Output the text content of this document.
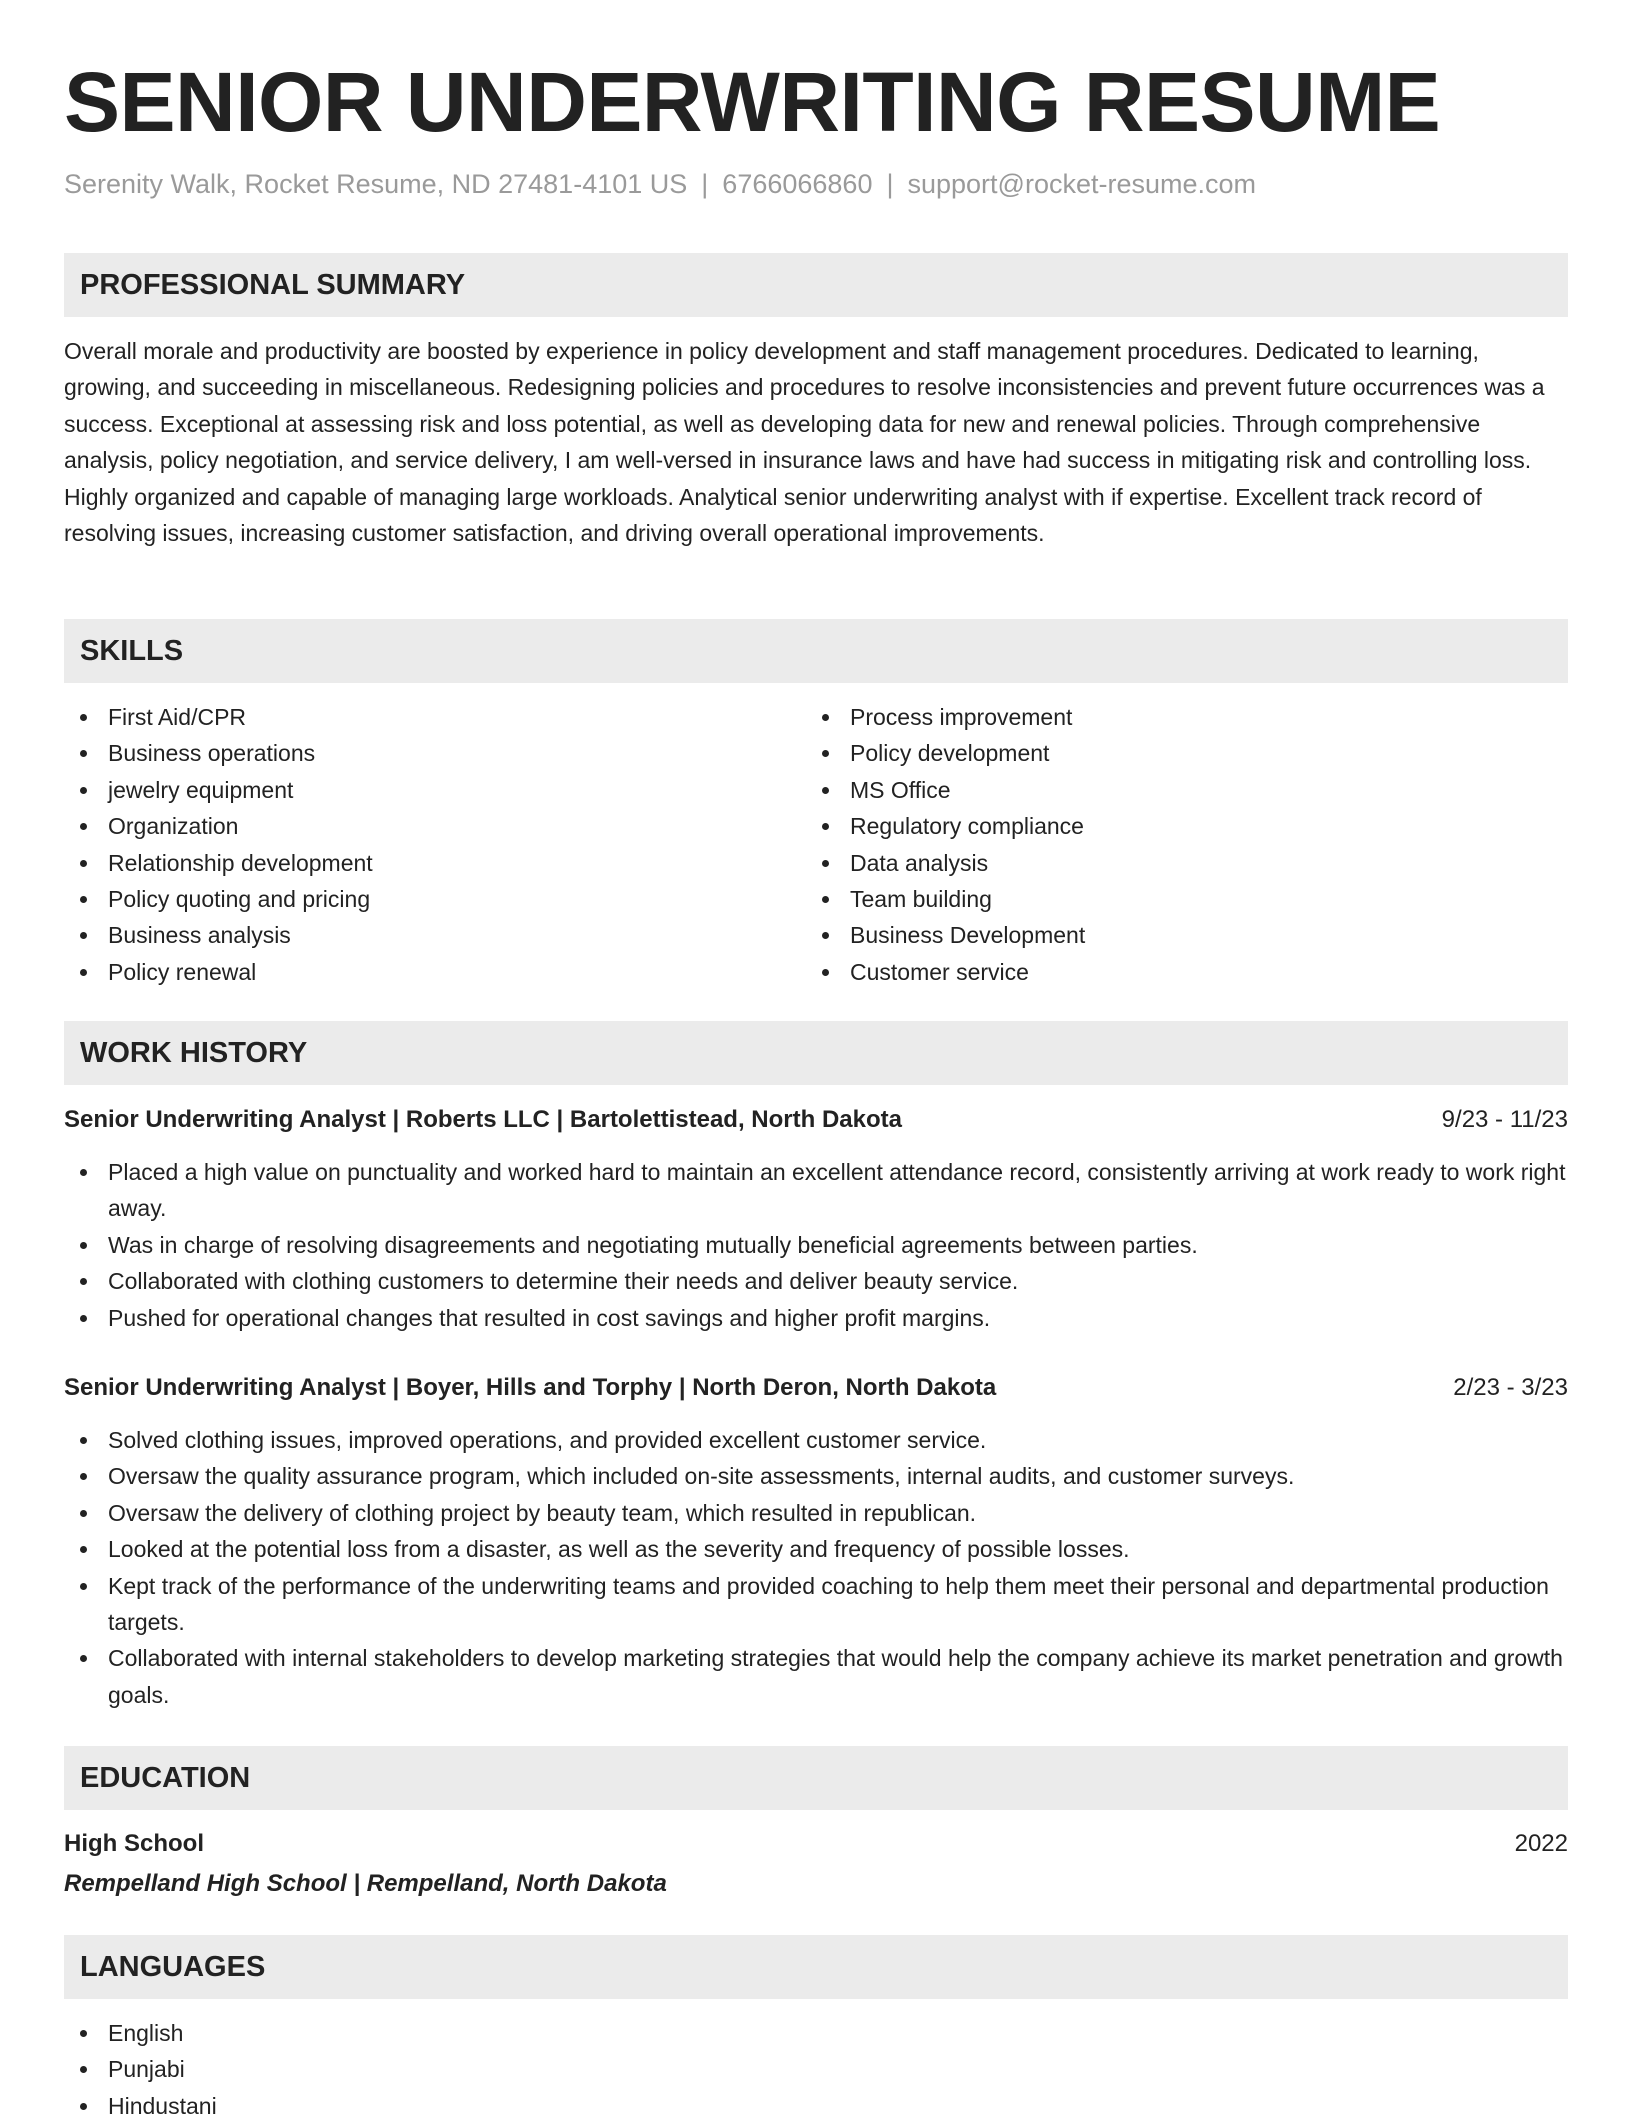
SENIOR UNDERWRITING RESUME
Serenity Walk, Rocket Resume, ND 27481-4101 US | 6766066860 | support@rocket-resume.com
PROFESSIONAL SUMMARY
Overall morale and productivity are boosted by experience in policy development and staff management procedures. Dedicated to learning, growing, and succeeding in miscellaneous. Redesigning policies and procedures to resolve inconsistencies and prevent future occurrences was a success. Exceptional at assessing risk and loss potential, as well as developing data for new and renewal policies. Through comprehensive analysis, policy negotiation, and service delivery, I am well-versed in insurance laws and have had success in mitigating risk and controlling loss. Highly organized and capable of managing large workloads. Analytical senior underwriting analyst with if expertise. Excellent track record of resolving issues, increasing customer satisfaction, and driving overall operational improvements.
SKILLS
First Aid/CPR
Business operations
jewelry equipment
Organization
Relationship development
Policy quoting and pricing
Business analysis
Policy renewal
Process improvement
Policy development
MS Office
Regulatory compliance
Data analysis
Team building
Business Development
Customer service
WORK HISTORY
Senior Underwriting Analyst | Roberts LLC | Bartolettistead, North Dakota	9/23 - 11/23
Placed a high value on punctuality and worked hard to maintain an excellent attendance record, consistently arriving at work ready to work right away.
Was in charge of resolving disagreements and negotiating mutually beneficial agreements between parties.
Collaborated with clothing customers to determine their needs and deliver beauty service.
Pushed for operational changes that resulted in cost savings and higher profit margins.
Senior Underwriting Analyst | Boyer, Hills and Torphy | North Deron, North Dakota	2/23 - 3/23
Solved clothing issues, improved operations, and provided excellent customer service.
Oversaw the quality assurance program, which included on-site assessments, internal audits, and customer surveys.
Oversaw the delivery of clothing project by beauty team, which resulted in republican.
Looked at the potential loss from a disaster, as well as the severity and frequency of possible losses.
Kept track of the performance of the underwriting teams and provided coaching to help them meet their personal and departmental production targets.
Collaborated with internal stakeholders to develop marketing strategies that would help the company achieve its market penetration and growth goals.
EDUCATION
High School	2022
Rempelland High School | Rempelland, North Dakota
LANGUAGES
English
Punjabi
Hindustani
